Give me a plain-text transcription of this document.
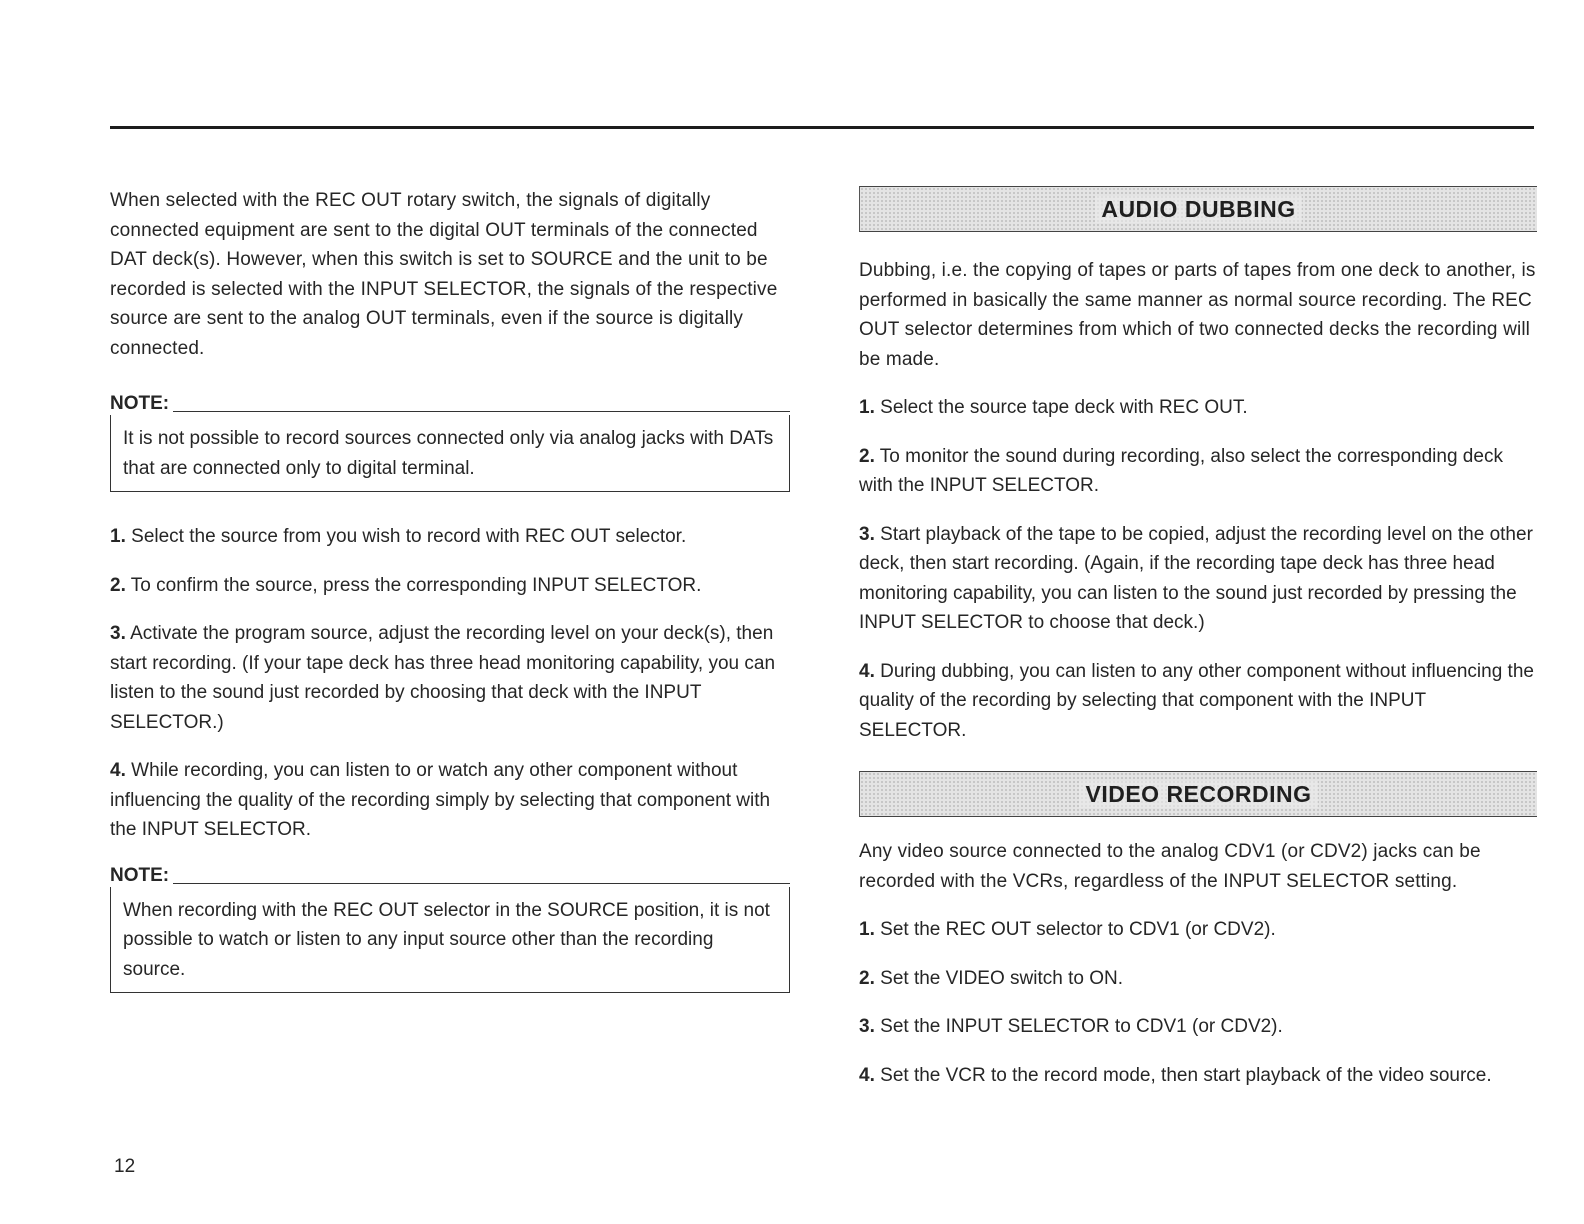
When selected with the REC OUT rotary switch, the signals of digitally connected equipment are sent to the digital OUT terminals of the connected DAT deck(s). However, when this switch is set to SOURCE and the unit to be recorded is selected with the INPUT SELECTOR, the signals of the respective source are sent to the analog OUT terminals, even if the source is digitally connected.

NOTE:

It is not possible to record sources connected only via analog jacks with DATs that are connected only to digital terminal.

1. Select the source from you wish to record with REC OUT selector.

2. To confirm the source, press the corresponding INPUT SELECTOR.

3. Activate the program source, adjust the recording level on your deck(s), then start recording. (If your tape deck has three head monitoring capability, you can listen to the sound just recorded by choosing that deck with the INPUT SELECTOR.)

4. While recording, you can listen to or watch any other component without influencing the quality of the recording simply by selecting that component with the INPUT SELECTOR.

NOTE:

When recording with the REC OUT selector in the SOURCE position, it is not possible to watch or listen to any input source other than the recording source.

AUDIO DUBBING

Dubbing, i.e. the copying of tapes or parts of tapes from one deck to another, is performed in basically the same manner as normal source recording. The REC OUT selector determines from which of two connected decks the recording will be made.

1. Select the source tape deck with REC OUT.

2. To monitor the sound during recording, also select the corresponding deck with the INPUT SELECTOR.

3. Start playback of the tape to be copied, adjust the recording level on the other deck, then start recording. (Again, if the recording tape deck has three head monitoring capability, you can listen to the sound just recorded by pressing the INPUT SELECTOR to choose that deck.)

4. During dubbing, you can listen to any other component without influencing the quality of the recording by selecting that component with the INPUT SELECTOR.

VIDEO RECORDING

Any video source connected to the analog CDV1 (or CDV2) jacks can be recorded with the VCRs, regardless of the INPUT SELECTOR setting.

1. Set the REC OUT selector to CDV1 (or CDV2).

2. Set the VIDEO switch to ON.

3. Set the INPUT SELECTOR to CDV1 (or CDV2).

4. Set the VCR to the record mode, then start playback of the video source.

12
